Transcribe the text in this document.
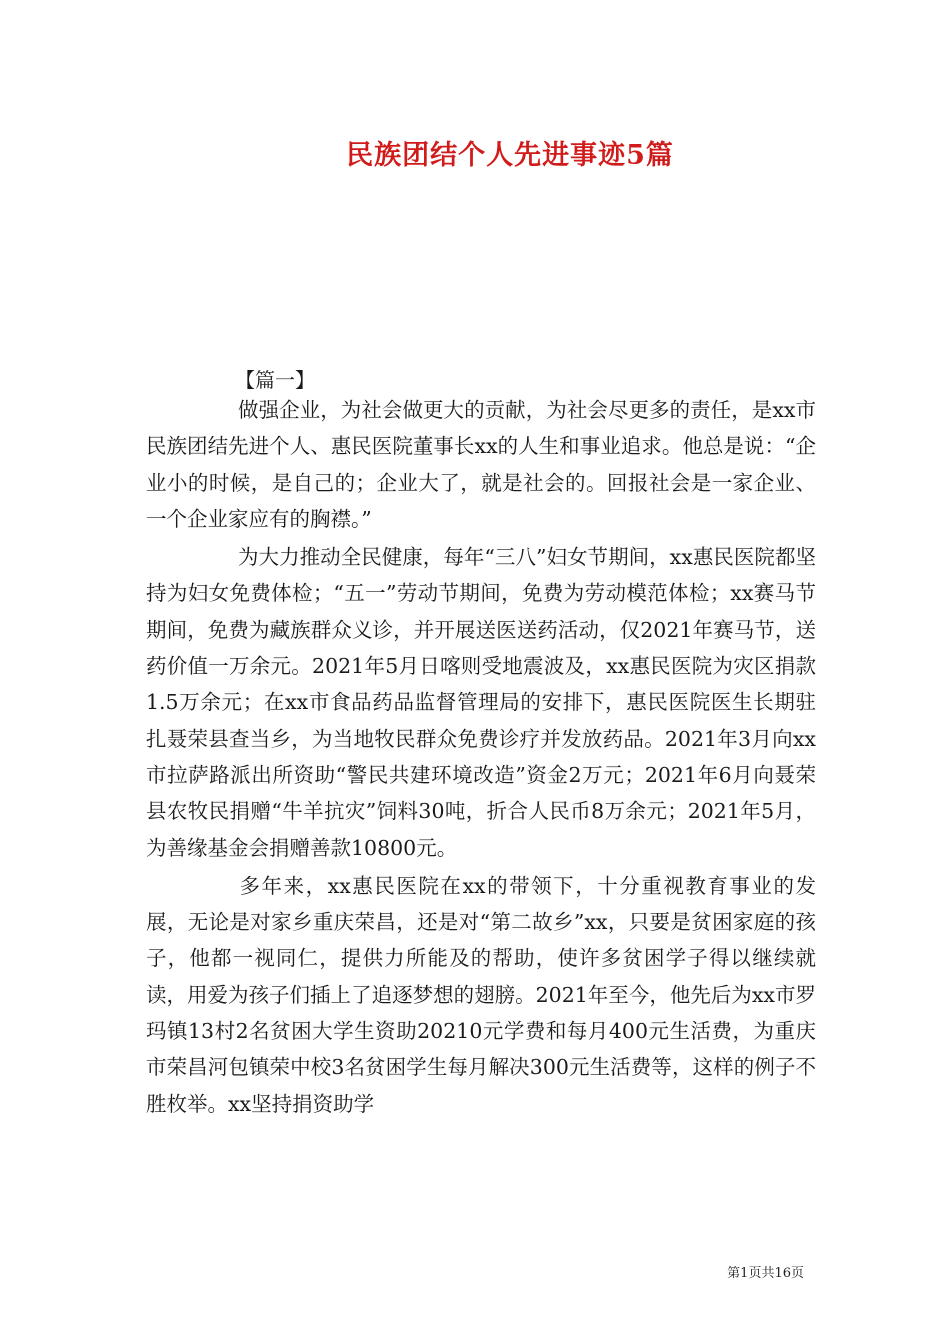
民族团结个人先进事迹5篇
【篇一】

做强企业，为社会做更大的贡献，为社会尽更多的责任，是xx市民族团结先进个人、惠民医院董事长xx的人生和事业追求。他总是说：“企业小的时候，是自己的；企业大了，就是社会的。回报社会是一家企业、一个企业家应有的胸襟。”

为大力推动全民健康，每年“三八”妇女节期间，xx惠民医院都坚持为妇女免费体检；“五一”劳动节期间，免费为劳动模范体检；xx赛马节期间，免费为藏族群众义诊，并开展送医送药活动，仅2021年赛马节，送药价值一万余元。2021年5月日喀则受地震波及，xx惠民医院为灾区捐款1.5万余元；在xx市食品药品监督管理局的安排下，惠民医院医生长期驻扎聂荣县查当乡，为当地牧民群众免费诊疗并发放药品。2021年3月向xx市拉萨路派出所资助“警民共建环境改造”资金2万元；2021年6月向聂荣县农牧民捐赠“牛羊抗灾”饲料30吨，折合人民币8万余元；2021年5月，为善缘基金会捐赠善款10800元。

多年来，xx惠民医院在xx的带领下，十分重视教育事业的发展，无论是对家乡重庆荣昌，还是对“第二故乡”xx，只要是贫困家庭的孩子，他都一视同仁，提供力所能及的帮助，使许多贫困学子得以继续就读，用爱为孩子们插上了追逐梦想的翅膀。2021年至今，他先后为xx市罗玛镇13村2名贫困大学生资助20210元学费和每月400元生活费，为重庆市荣昌河包镇荣中校3名贫困学生每月解决300元生活费等，这样的例子不胜枚举。xx坚持捐资助学

第1页共16页
